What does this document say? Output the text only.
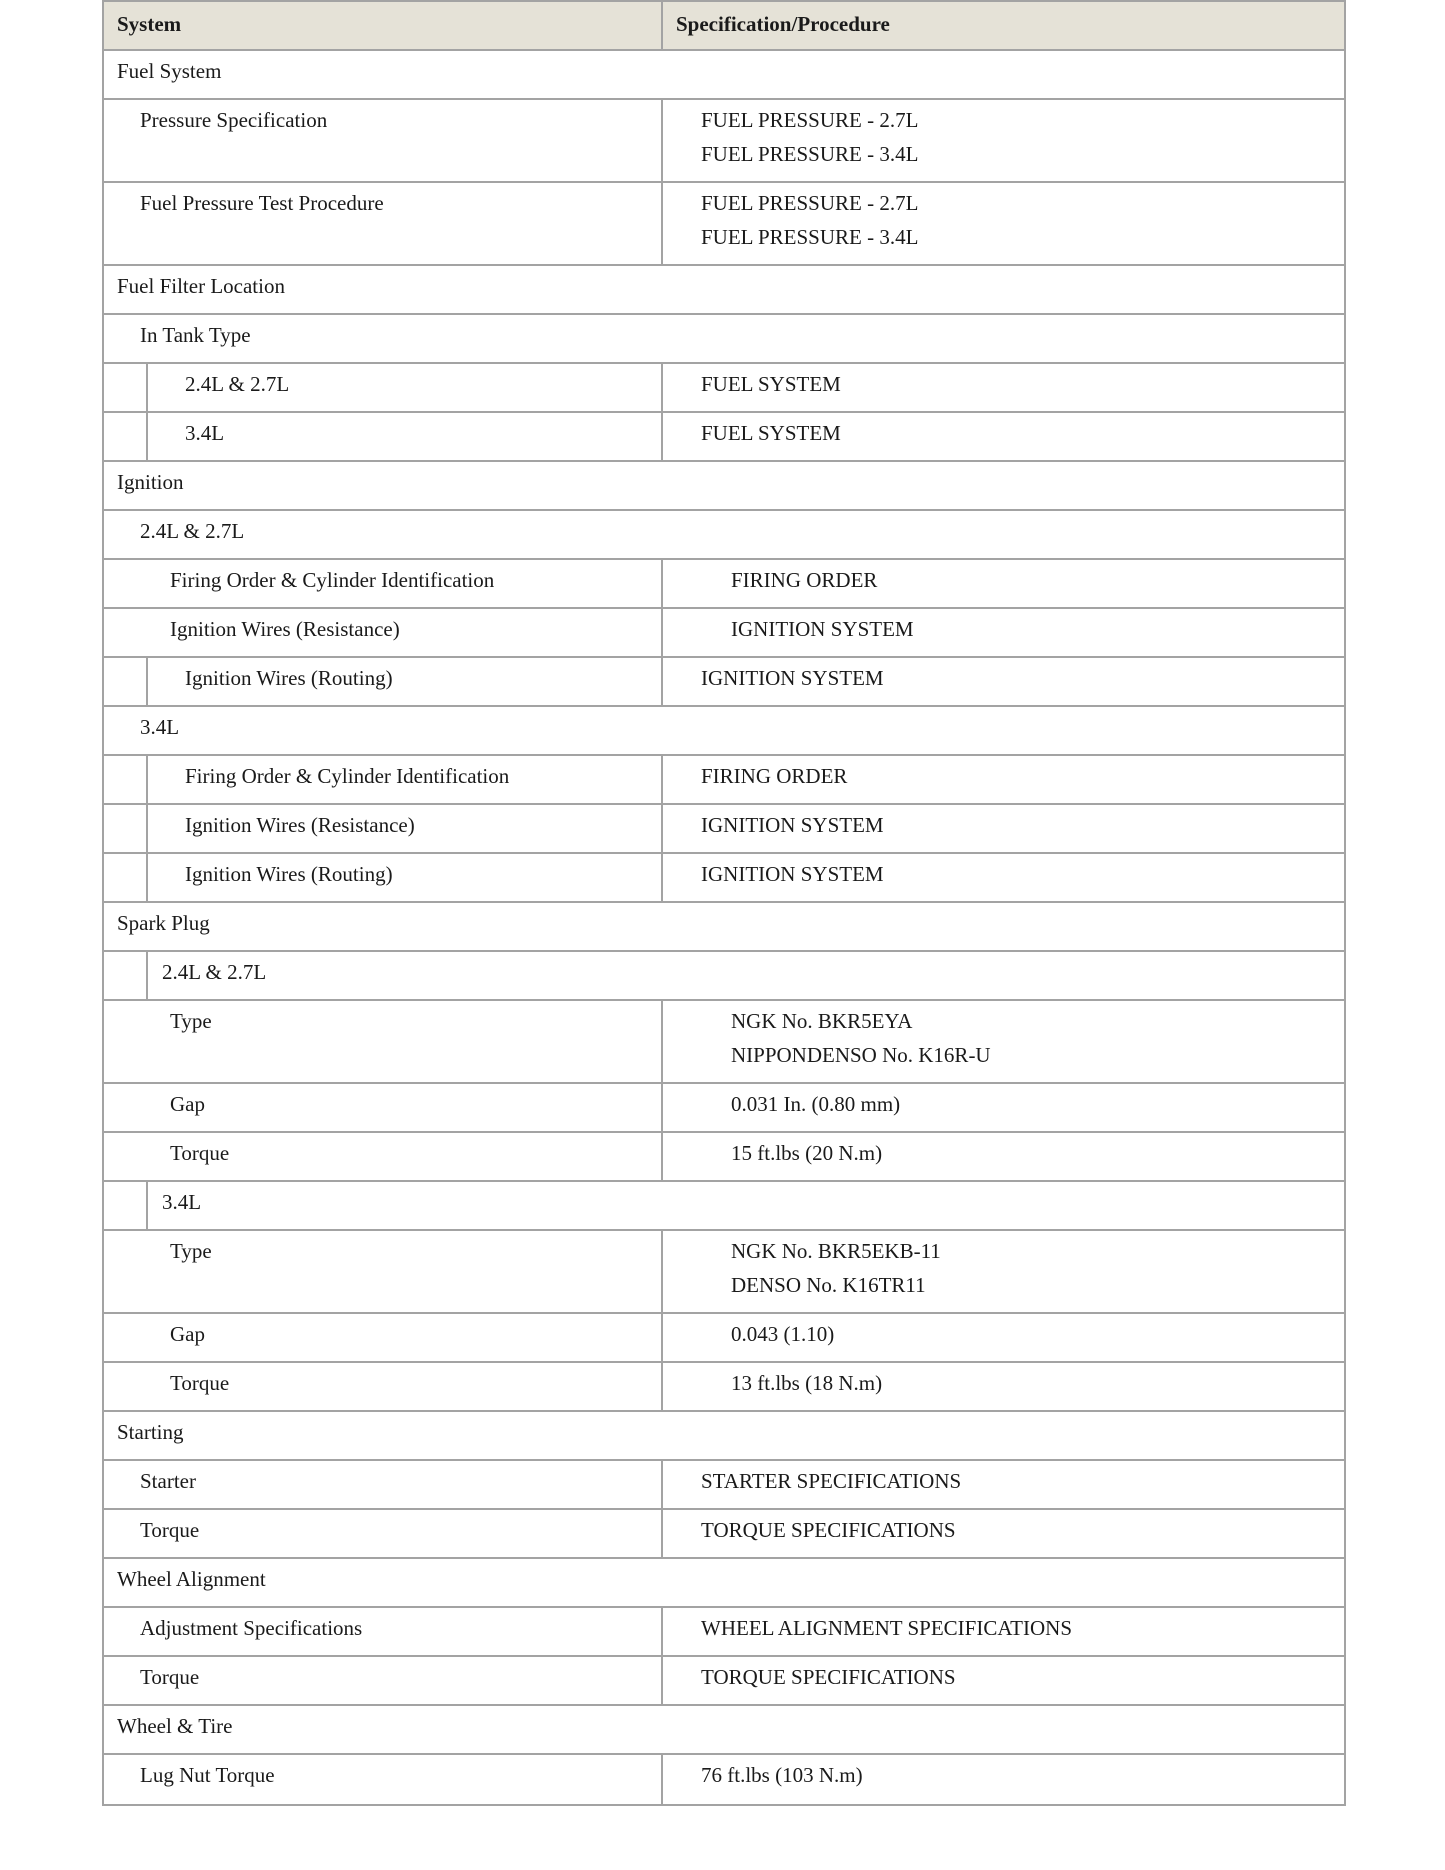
System	Specification/Procedure
Fuel System
Pressure Specification	FUEL PRESSURE - 2.7L
FUEL PRESSURE - 3.4L
Fuel Pressure Test Procedure	FUEL PRESSURE - 2.7L
FUEL PRESSURE - 3.4L
Fuel Filter Location
In Tank Type
2.4L & 2.7L	FUEL SYSTEM
3.4L	FUEL SYSTEM
Ignition
2.4L & 2.7L
Firing Order & Cylinder Identification	FIRING ORDER
Ignition Wires (Resistance)	IGNITION SYSTEM
Ignition Wires (Routing)	IGNITION SYSTEM
3.4L
Firing Order & Cylinder Identification	FIRING ORDER
Ignition Wires (Resistance)	IGNITION SYSTEM
Ignition Wires (Routing)	IGNITION SYSTEM
Spark Plug
2.4L & 2.7L
Type	NGK No. BKR5EYA
NIPPONDENSO No. K16R-U
Gap	0.031 In. (0.80 mm)
Torque	15 ft.lbs (20 N.m)
3.4L
Type	NGK No. BKR5EKB-11
DENSO No. K16TR11
Gap	0.043 (1.10)
Torque	13 ft.lbs (18 N.m)
Starting
Starter	STARTER SPECIFICATIONS
Torque	TORQUE SPECIFICATIONS
Wheel Alignment
Adjustment Specifications	WHEEL ALIGNMENT SPECIFICATIONS
Torque	TORQUE SPECIFICATIONS
Wheel & Tire
Lug Nut Torque	76 ft.lbs (103 N.m)
